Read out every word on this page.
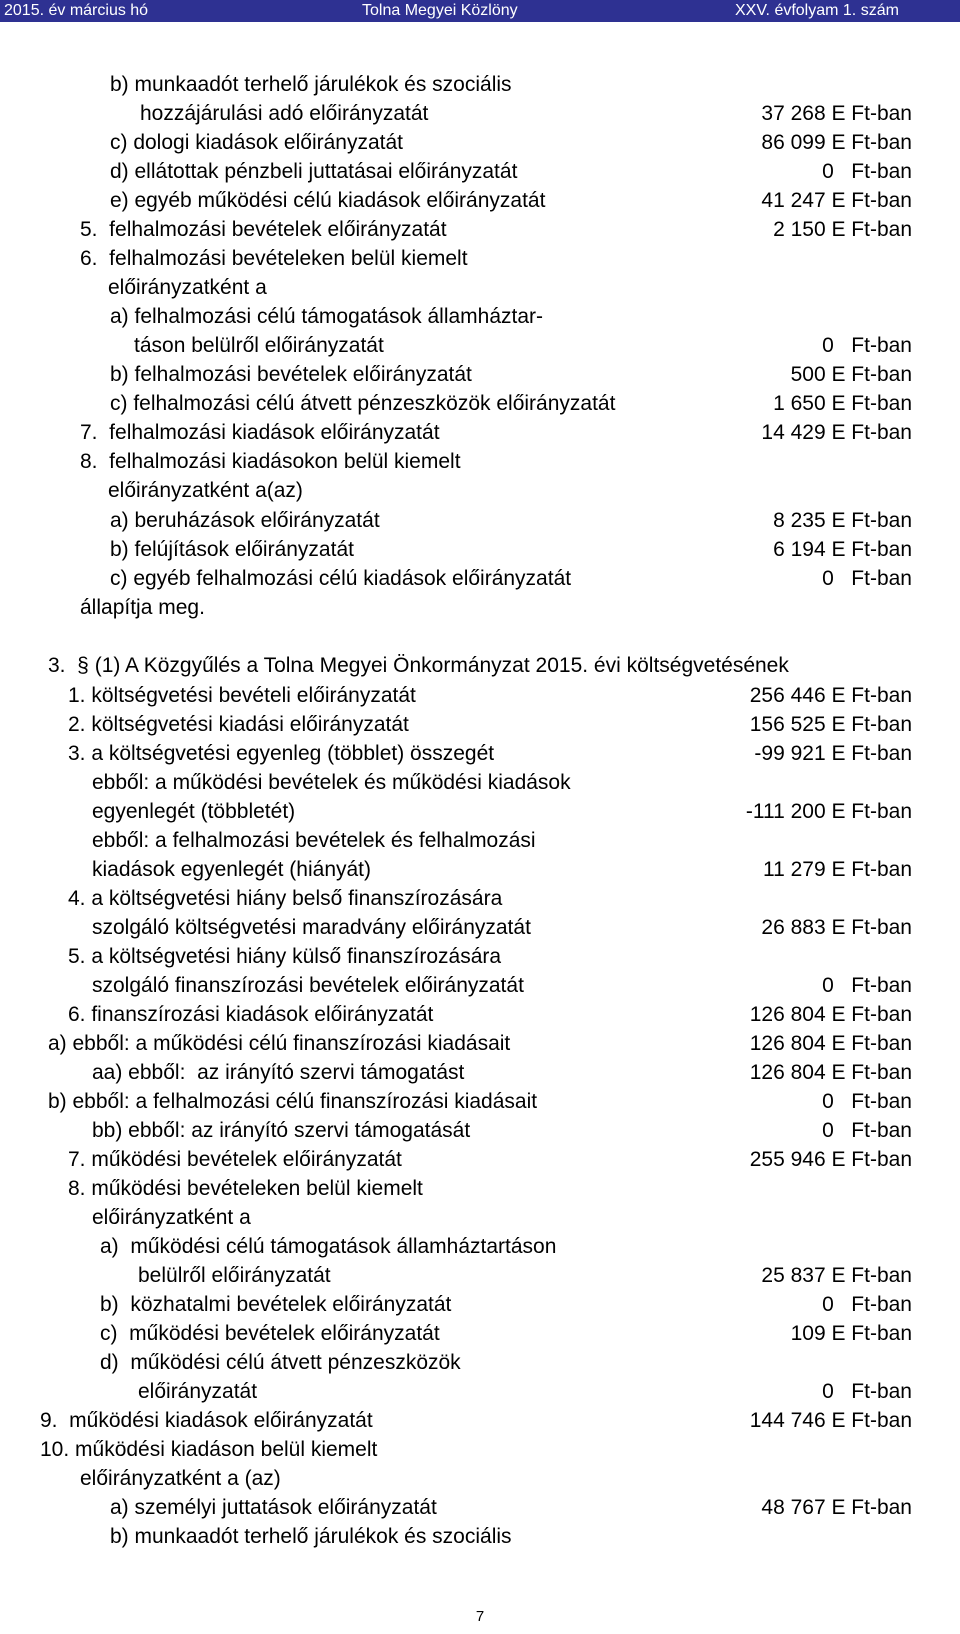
2015. év március hó	Tolna Megyei Közlöny	XXV. évfolyam 1. szám
b) munkaadót terhelő járulékok és szociális
hozzájárulási adó előirányzatát	37 268 E Ft-ban
c) dologi kiadások előirányzatát	86 099 E Ft-ban
d) ellátottak pénzbeli juttatásai előirányzatát	0   Ft-ban
e) egyéb működési célú kiadások előirányzatát	41 247 E Ft-ban
5.  felhalmozási bevételek előirányzatát	2 150 E Ft-ban
6.  felhalmozási bevételeken belül kiemelt
előirányzatként a
a) felhalmozási célú támogatások államháztar-
táson belülről előirányzatát	0   Ft-ban
b) felhalmozási bevételek előirányzatát	500 E Ft-ban
c) felhalmozási célú átvett pénzeszközök előirányzatát	1 650 E Ft-ban
7.  felhalmozási kiadások előirányzatát	14 429 E Ft-ban
8.  felhalmozási kiadásokon belül kiemelt
előirányzatként a(az)
a) beruházások előirányzatát	8 235 E Ft-ban
b) felújítások előirányzatát	6 194 E Ft-ban
c) egyéb felhalmozási célú kiadások előirányzatát	0   Ft-ban
állapítja meg.
3.  § (1) A Közgyűlés a Tolna Megyei Önkormányzat 2015. évi költségvetésének
1. költségvetési bevételi előirányzatát	256 446 E Ft-ban
2. költségvetési kiadási előirányzatát	156 525 E Ft-ban
3. a költségvetési egyenleg (többlet) összegét	-99 921 E Ft-ban
ebből: a működési bevételek és működési kiadások
egyenlegét (többletét)	-111 200 E Ft-ban
ebből: a felhalmozási bevételek és felhalmozási
kiadások egyenlegét (hiányát)	11 279 E Ft-ban
4. a költségvetési hiány belső finanszírozására
szolgáló költségvetési maradvány előirányzatát	26 883 E Ft-ban
5. a költségvetési hiány külső finanszírozására
szolgáló finanszírozási bevételek előirányzatát	0   Ft-ban
6. finanszírozási kiadások előirányzatát	126 804 E Ft-ban
a) ebből: a működési célú finanszírozási kiadásait	126 804 E Ft-ban
aa) ebből:  az irányító szervi támogatást	126 804 E Ft-ban
b) ebből: a felhalmozási célú finanszírozási kiadásait	0   Ft-ban
bb) ebből: az irányító szervi támogatását	0   Ft-ban
7. működési bevételek előirányzatát	255 946 E Ft-ban
8. működési bevételeken belül kiemelt
előirányzatként a
a)  működési célú támogatások államháztartáson
belülről előirányzatát	25 837 E Ft-ban
b)  közhatalmi bevételek előirányzatát	0   Ft-ban
c)  működési bevételek előirányzatát	109 E Ft-ban
d)  működési célú átvett pénzeszközök
előirányzatát	0   Ft-ban
9.  működési kiadások előirányzatát	144 746 E Ft-ban
10. működési kiadáson belül kiemelt
előirányzatként a (az)
a) személyi juttatások előirányzatát	48 767 E Ft-ban
b) munkaadót terhelő járulékok és szociális
7
